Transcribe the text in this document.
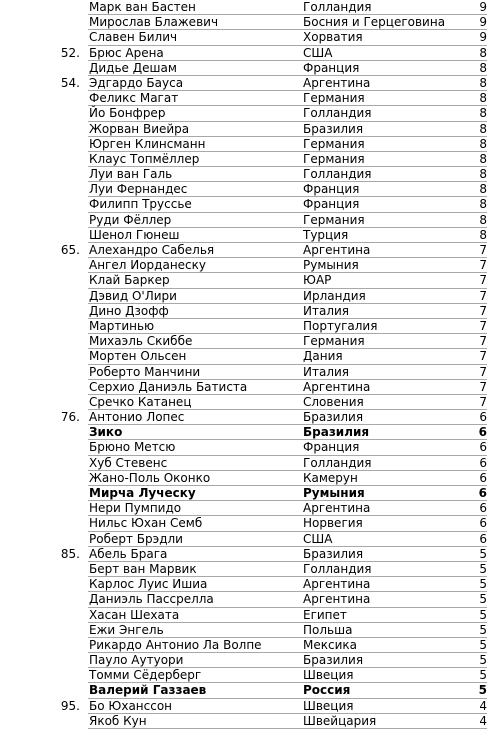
Марк ван Бастен	Голландия	9
Мирослав Блажевич	Босния и Герцеговина	9
Славен Билич	Хорватия	9
52. Брюс Арена	США	8
Дидье Дешам	Франция	8
54. Эдгардо Бауса	Аргентина	8
Феликс Магат	Германия	8
Йо Бонфрер	Голландия	8
Жорван Виейра	Бразилия	8
Юрген Клинсманн	Германия	8
Клаус Топмёллер	Германия	8
Луи ван Галь	Голландия	8
Луи Фернандес	Франция	8
Филипп Труссье	Франция	8
Руди Фёллер	Германия	8
Шенол Гюнеш	Турция	8
65. Алехандро Сабелья	Аргентина	7
Ангел Иорданеску	Румыния	7
Клай Баркер	ЮАР	7
Дэвид О'Лири	Ирландия	7
Дино Дзофф	Италия	7
Мартинью	Португалия	7
Михаэль Скиббе	Германия	7
Мортен Ольсен	Дания	7
Роберто Манчини	Италия	7
Серхио Даниэль Батиста	Аргентина	7
Сречко Катанец	Словения	7
76. Антонио Лопес	Бразилия	6
Зико	Бразилия	6
Брюно Метсю	Франция	6
Хуб Стевенс	Голландия	6
Жано-Поль Оконко	Камерун	6
Мирча Луческу	Румыния	6
Нери Пумпидо	Аргентина	6
Нильс Юхан Семб	Норвегия	6
Роберт Брэдли	США	6
85. Абель Брага	Бразилия	5
Берт ван Марвик	Голландия	5
Карлос Луис Ишиа	Аргентина	5
Даниэль Пассрелла	Аргентина	5
Хасан Шехата	Египет	5
Ежи Энгель	Польша	5
Рикардо Антонио Ла Волпе	Мексика	5
Пауло Аутуори	Бразилия	5
Томми Сёдерберг	Швеция	5
Валерий Газзаев	Россия	5
95. Бо Юханссон	Швеция	4
Якоб Кун	Швейцария	4
